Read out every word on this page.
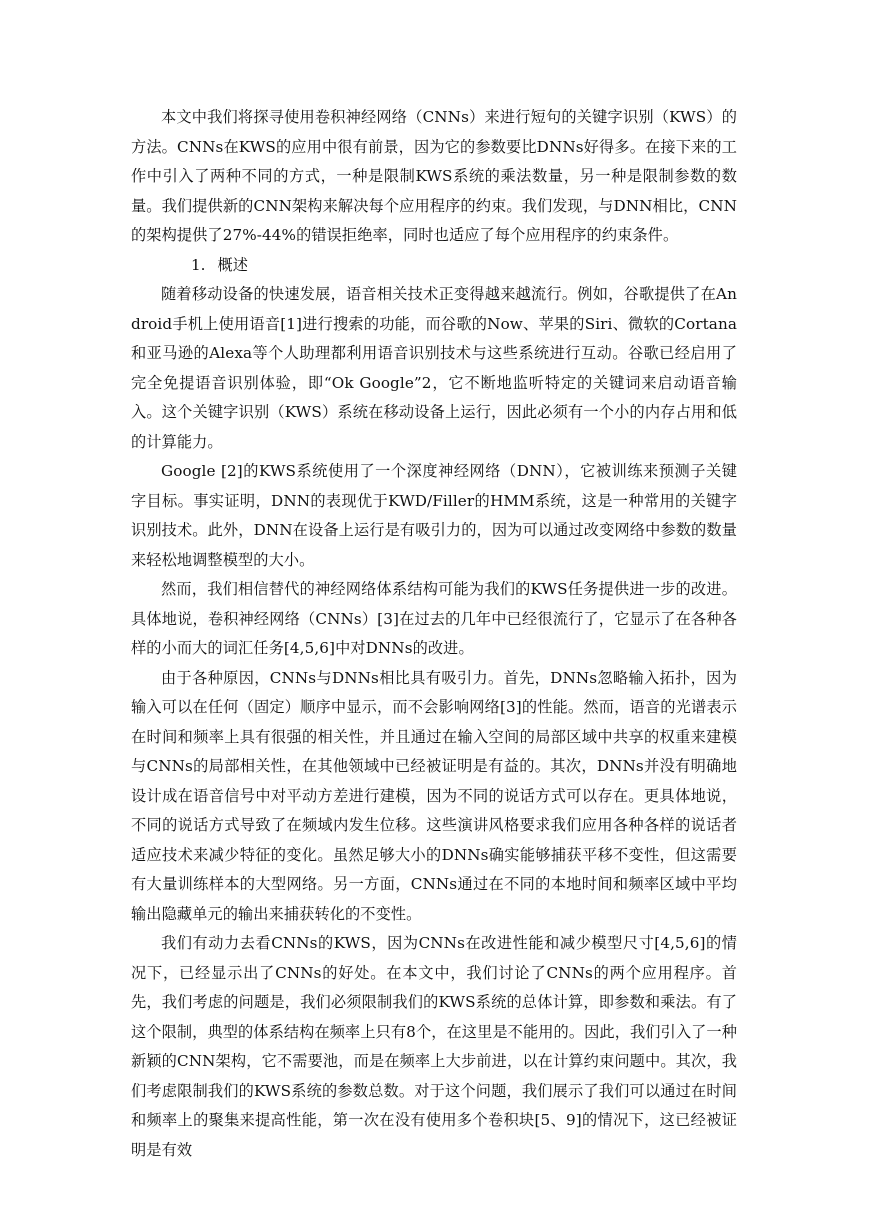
本文中我们将探寻使用卷积神经网络（CNNs）来进行短句的关键字识别（KWS）的方法。CNNs在KWS的应用中很有前景，因为它的参数要比DNNs好得多。在接下来的工作中引入了两种不同的方式，一种是限制KWS系统的乘法数量，另一种是限制参数的数量。我们提供新的CNN架构来解决每个应用程序的约束。我们发现，与DNN相比，CNN的架构提供了27%-44%的错误拒绝率，同时也适应了每个应用程序的约束条件。

1. 概述

随着移动设备的快速发展，语音相关技术正变得越来越流行。例如，谷歌提供了在Android手机上使用语音[1]进行搜索的功能，而谷歌的Now、苹果的Siri、微软的Cortana和亚马逊的Alexa等个人助理都利用语音识别技术与这些系统进行互动。谷歌已经启用了完全免提语音识别体验，即“Ok Google”2，它不断地监听特定的关键词来启动语音输入。这个关键字识别（KWS）系统在移动设备上运行，因此必须有一个小的内存占用和低的计算能力。

Google [2]的KWS系统使用了一个深度神经网络（DNN），它被训练来预测子关键字目标。事实证明，DNN的表现优于KWD/Filler的HMM系统，这是一种常用的关键字识别技术。此外，DNN在设备上运行是有吸引力的，因为可以通过改变网络中参数的数量来轻松地调整模型的大小。

然而，我们相信替代的神经网络体系结构可能为我们的KWS任务提供进一步的改进。具体地说，卷积神经网络（CNNs）[3]在过去的几年中已经很流行了，它显示了在各种各样的小而大的词汇任务[4,5,6]中对DNNs的改进。

由于各种原因，CNNs与DNNs相比具有吸引力。首先，DNNs忽略输入拓扑，因为输入可以在任何（固定）顺序中显示，而不会影响网络[3]的性能。然而，语音的光谱表示在时间和频率上具有很强的相关性，并且通过在输入空间的局部区域中共享的权重来建模与CNNs的局部相关性，在其他领域中已经被证明是有益的。其次，DNNs并没有明确地设计成在语音信号中对平动方差进行建模，因为不同的说话方式可以存在。更具体地说，不同的说话方式导致了在频域内发生位移。这些演讲风格要求我们应用各种各样的说话者适应技术来减少特征的变化。虽然足够大小的DNNs确实能够捕获平移不变性，但这需要有大量训练样本的大型网络。另一方面，CNNs通过在不同的本地时间和频率区域中平均输出隐藏单元的输出来捕获转化的不变性。

我们有动力去看CNNs的KWS，因为CNNs在改进性能和减少模型尺寸[4,5,6]的情况下，已经显示出了CNNs的好处。在本文中，我们讨论了CNNs的两个应用程序。首先，我们考虑的问题是，我们必须限制我们的KWS系统的总体计算，即参数和乘法。有了这个限制，典型的体系结构在频率上只有8个，在这里是不能用的。因此，我们引入了一种新颖的CNN架构，它不需要池，而是在频率上大步前进，以在计算约束问题中。其次，我们考虑限制我们的KWS系统的参数总数。对于这个问题，我们展示了我们可以通过在时间和频率上的聚集来提高性能，第一次在没有使用多个卷积块[5、9]的情况下，这已经被证明是有效
